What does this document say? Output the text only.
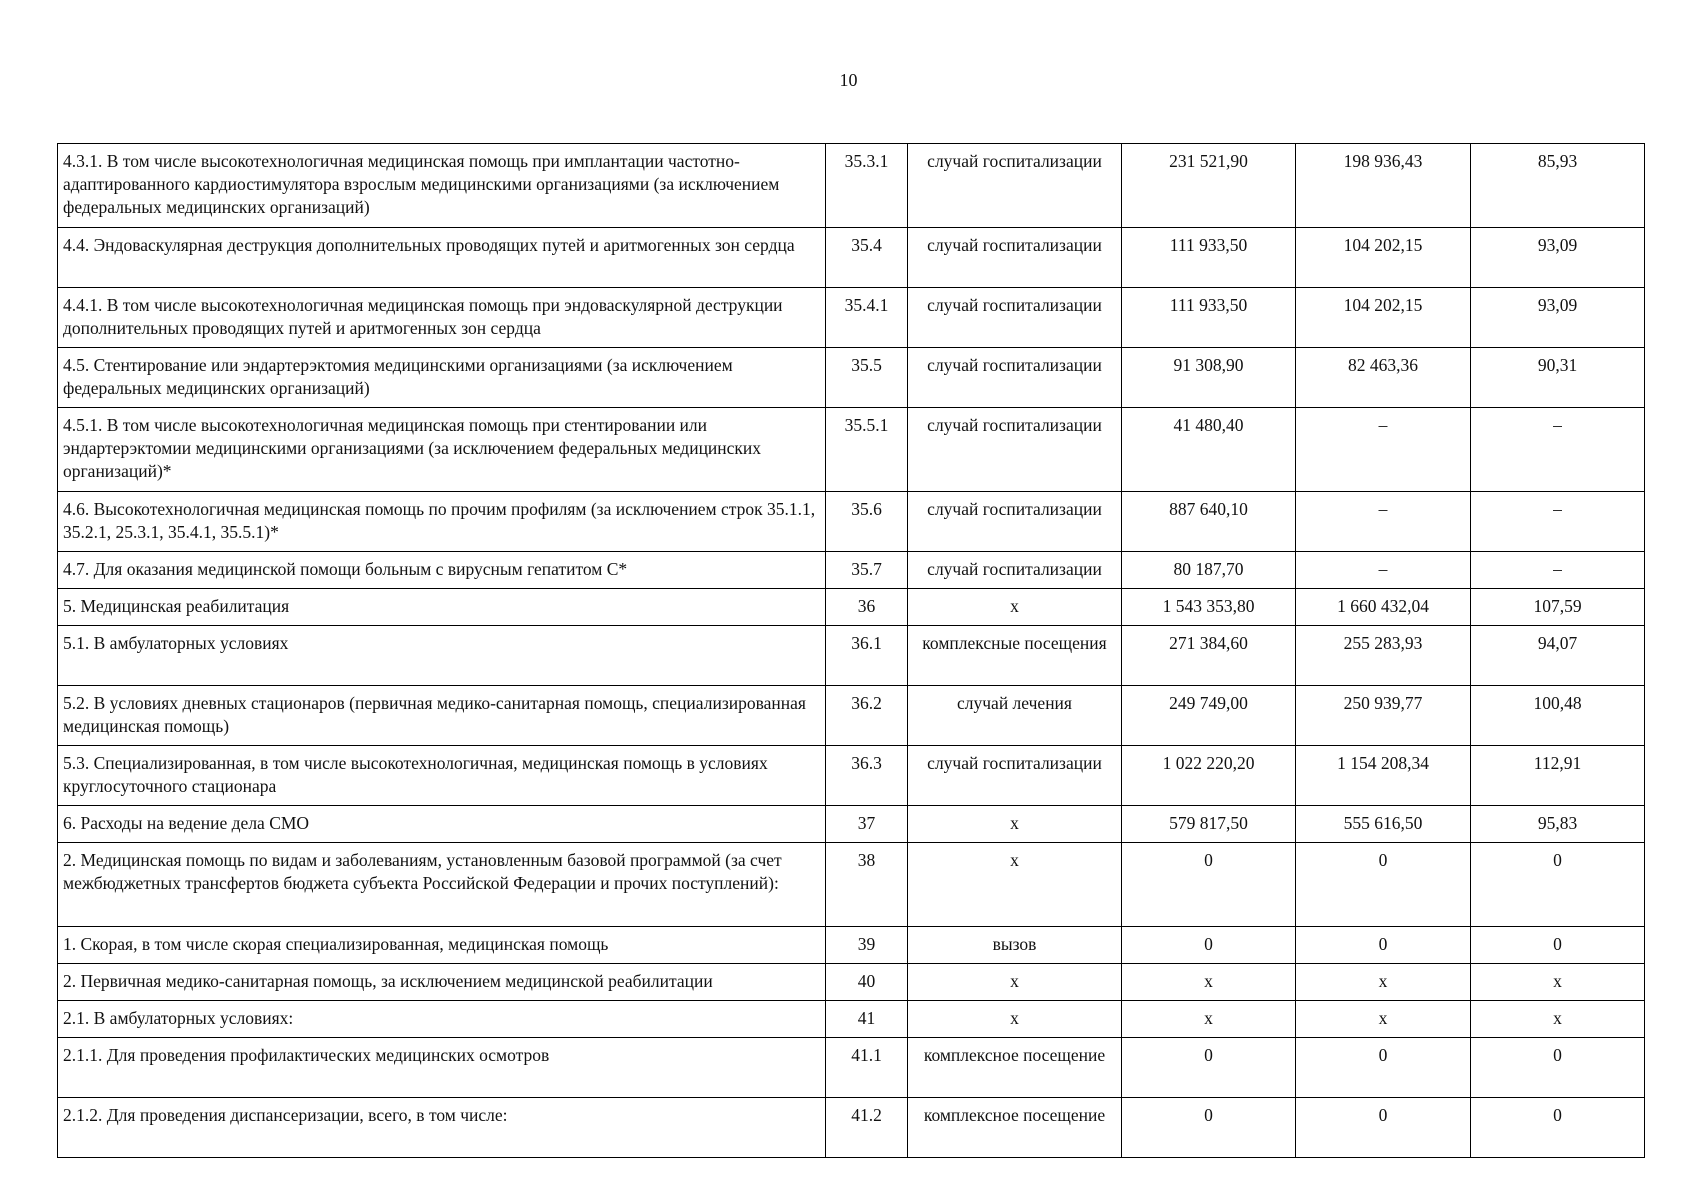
10
4.3.1. В том числе высокотехнологичная медицинская помощь при имплантации частотно-адаптированного кардиостимулятора взрослым медицинскими организациями (за исключением федеральных медицинских организаций)	35.3.1	случай госпитализации	231 521,90	198 936,43	85,93
4.4. Эндоваскулярная деструкция дополнительных проводящих путей и аритмогенных зон сердца	35.4	случай госпитализации	111 933,50	104 202,15	93,09
4.4.1. В том числе высокотехнологичная медицинская помощь при эндоваскулярной деструкции дополнительных проводящих путей и аритмогенных зон сердца	35.4.1	случай госпитализации	111 933,50	104 202,15	93,09
4.5. Стентирование или эндартерэктомия медицинскими организациями (за исключением федеральных медицинских организаций)	35.5	случай госпитализации	91 308,90	82 463,36	90,31
4.5.1. В том числе высокотехнологичная медицинская помощь при стентировании или эндартерэктомии медицинскими организациями (за исключением федеральных медицинских организаций)*	35.5.1	случай госпитализации	41 480,40	–	–
4.6. Высокотехнологичная медицинская помощь по прочим профилям (за исключением строк 35.1.1, 35.2.1, 25.3.1, 35.4.1, 35.5.1)*	35.6	случай госпитализации	887 640,10	–	–
4.7. Для оказания медицинской помощи больным с вирусным гепатитом С*	35.7	случай госпитализации	80 187,70	–	–
5. Медицинская реабилитация	36	х	1 543 353,80	1 660 432,04	107,59
5.1. В амбулаторных условиях	36.1	комплексные посещения	271 384,60	255 283,93	94,07
5.2. В условиях дневных стационаров (первичная медико-санитарная помощь, специализированная медицинская помощь)	36.2	случай лечения	249 749,00	250 939,77	100,48
5.3. Специализированная, в том числе высокотехнологичная, медицинская помощь в условиях круглосуточного стационара	36.3	случай госпитализации	1 022 220,20	1 154 208,34	112,91
6. Расходы на ведение дела СМО	37	х	579 817,50	555 616,50	95,83
2. Медицинская помощь по видам и заболеваниям, установленным базовой программой (за счет межбюджетных трансфертов бюджета субъекта Российской Федерации и прочих поступлений):	38	х	0	0	0
1. Скорая, в том числе скорая специализированная, медицинская помощь	39	вызов	0	0	0
2. Первичная медико-санитарная помощь, за исключением медицинской реабилитации	40	х	х	х	х
2.1. В амбулаторных условиях:	41	х	х	х	х
2.1.1. Для проведения профилактических медицинских осмотров	41.1	комплексное посещение	0	0	0
2.1.2. Для проведения диспансеризации, всего, в том числе:	41.2	комплексное посещение	0	0	0
